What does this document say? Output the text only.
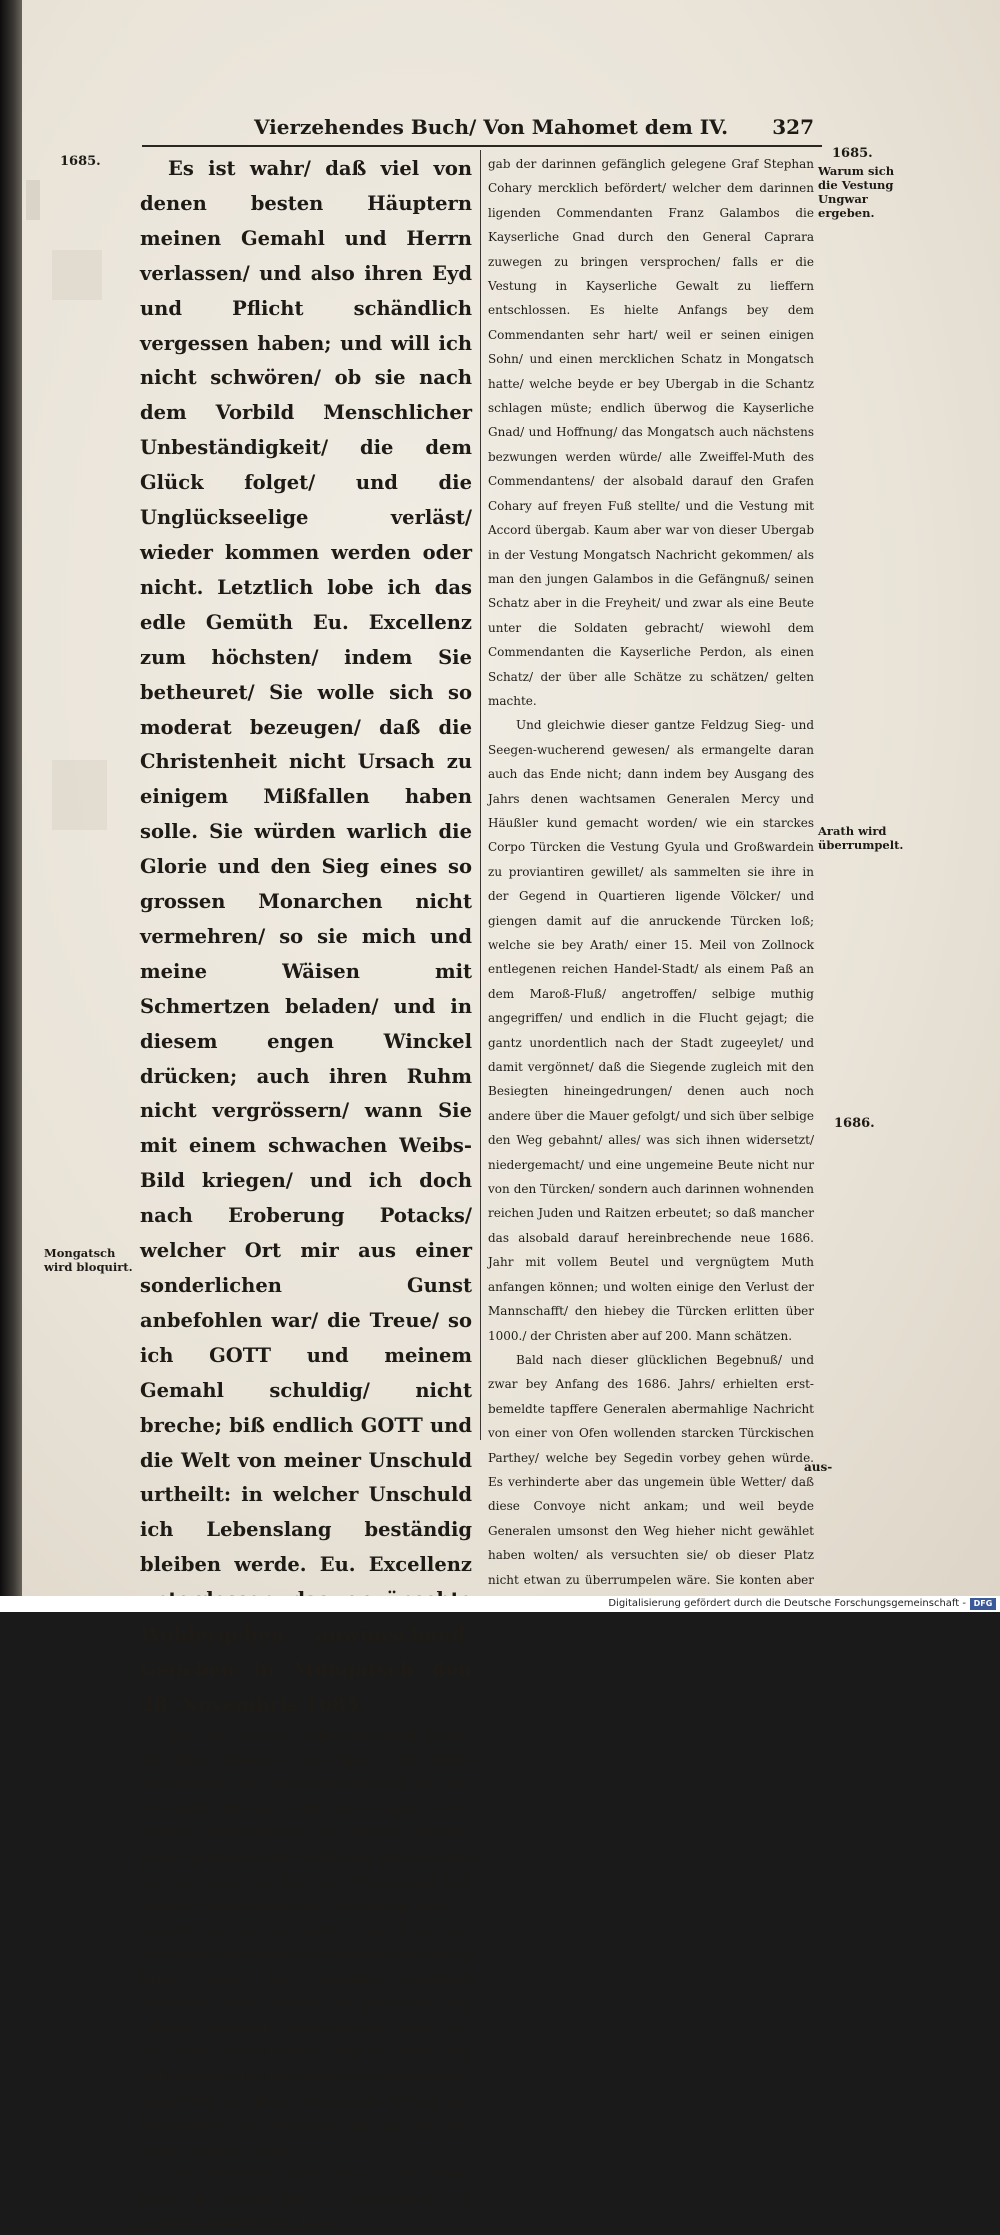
Vierzehendes Buch/ Von Mahomet dem IV. 327
1685.
1685.
Warum sich die Vestung Ungwar ergeben.
Arath wird überrumpelt.
1686.
Mongatsch wird bloquirt.

Es ist wahr/ daß viel von denen besten Häuptern meinen Gemahl und Herrn verlassen/ und also ihren Eyd und Pflicht schändlich vergessen haben; und will ich nicht schwören/ ob sie nach dem Vorbild Menschlicher Unbeständigkeit/ die dem Glück folget/ und die Unglückseelige verläst/ wieder kommen werden oder nicht. Letztlich lobe ich das edle Gemüth Eu. Excellenz zum höchsten/ indem Sie betheuret/ Sie wolle sich so moderat bezeugen/ daß die Christenheit nicht Ursach zu einigem Mißfallen haben solle. Sie würden warlich die Glorie und den Sieg eines so grossen Monarchen nicht vermehren/ so sie mich und meine Wäisen mit Schmertzen beladen/ und in diesem engen Winckel drücken; auch ihren Ruhm nicht vergrössern/ wann Sie mit einem schwachen Weibs-Bild kriegen/ und ich doch nach Eroberung Potacks/ welcher Ort mir aus einer sonderlichen Gunst anbefohlen war/ die Treue/ so ich GOTT und meinem Gemahl schuldig/ nicht breche; biß endlich GOTT und die Welt von meiner Unschuld urtheilt: in welcher Unschuld ich Lebenslang beständig bleiben werde. Eu. Excellenz Wohlergehen anwünschend. Gegeben in Mongatsch den 28. Novembris 1685.

Weil aber aus diesem Schreiben klärlich erhellte/ daß diese Amazonin noch nicht recht wegen Gerechtigkeit ihrer Sache benachrichtigt/ als ward am Kayserl. Hof/ allwohin der General Caprara dieses Schreiben übersendet/ vor nöthig erachtet/ durch das Feuer der Bomben ihr die Untreue ihres Gemahls recht zu beleuchten; und durch Bemeisterung ihres Irrwahns nach Bezwingung der Vestung recht zu belehren/ wie die wahrhaffte Unschuld von der gestellten zu entscheiden; und ob die ehliche Treu die Untreu gegen sein gekröntes Ober-Haupt rechtfertige. Ward demnach von dem General der Entschluß gefaßt/ den Winter hindurch dieses Nest recht fest einzuschliessen/ damit es sodann bey einbrechendem Frühling möchte mit rechtem Gewalt angegriffen/ und diese widerspenstige Vestung und Beherrscherin zum Gehorsam/ den sie Ihro Maj. schuldig/ geleitet werden.

Viel geschwinder gieng es mit der Vestung Ungwar her/ welche lang die Halßstarrigkeit nicht gezeiget/ und hatte deren Uber-

gab der darinnen gefänglich gelegene Graf Stephan Cohary mercklich befördert/ welcher dem darinnen ligenden Commendanten Franz Galambos die Kayserliche Gnad durch den General Caprara zuwegen zu bringen versprochen/ falls er die Vestung in Kayserliche Gewalt zu lieffern entschlossen. Es hielte Anfangs bey dem Commendanten sehr hart/ weil er seinen einigen Sohn/ und einen mercklichen Schatz in Mongatsch hatte/ welche beyde er bey Ubergab in die Schantz schlagen müste; endlich überwog die Kayserliche Gnad/ und Hoffnung/ das Mongatsch auch nächstens bezwungen werden würde/ alle Zweiffel-Muth des Commendantens/ der alsobald darauf den Grafen Cohary auf freyen Fuß stellte/ und die Vestung mit Accord übergab. Kaum aber war von dieser Ubergab in der Vestung Mongatsch Nachricht gekommen/ als man den jungen Galambos in die Gefängnuß/ seinen Schatz aber in die Freyheit/ und zwar als eine Beute unter die Soldaten gebracht/ wiewohl dem Commendanten die Kayserliche Perdon, als einen Schatz/ der über alle Schätze zu schätzen/ gelten machte.

Und gleichwie dieser gantze Feldzug Sieg- und Seegen-wucherend gewesen/ als ermangelte daran auch das Ende nicht; dann indem bey Ausgang des Jahrs denen wachtsamen Generalen Mercy und Häußler kund gemacht worden/ wie ein starckes Corpo Türcken die Vestung Gyula und Großwardein zu proviantiren gewillet/ als sammelten sie ihre in der Gegend in Quartieren ligende Völcker/ und giengen damit auf die anruckende Türcken loß; welche sie bey Arath/ einer 15. Meil von Zollnock entlegenen reichen Handel-Stadt/ als einem Paß an dem Maroß-Fluß/ angetroffen/ selbige muthig angegriffen/ und endlich in die Flucht gejagt; die gantz unordentlich nach der Stadt zugeeylet/ und damit vergönnet/ daß die Siegende zugleich mit den Besiegten hineingedrungen/ denen auch noch andere über die Mauer gefolgt/ und sich über selbige den Weg gebahnt/ alles/ was sich ihnen widersetzt/ niedergemacht/ und eine ungemeine Beute nicht nur von den Türcken/ sondern auch darinnen wohnenden reichen Juden und Raitzen erbeutet; so daß mancher das alsobald darauf hereinbrechende neue 1686. Jahr mit vollem Beutel und vergnügtem Muth anfangen können; und wolten einige den Verlust der Mannschafft/ den hiebey die Türcken erlitten über 1000./ der Christen aber auf 200. Mann schätzen.

Bald nach dieser glücklichen Begebnuß/ und zwar bey Anfang des 1686. Jahrs/ erhielten erst-bemeldte tapffere Generalen abermahlige Nachricht von einer von Ofen wollenden starcken Türckischen Parthey/ welche bey Segedin vorbey gehen würde. Es verhinderte aber das ungemein üble Wetter/ daß diese Convoye nicht ankam; und weil beyde Generalen umsonst den Weg hieher nicht gewählet haben wolten/ als versuchten sie/ ob dieser Platz nicht etwan zu überrumpelen wäre. Sie konten aber

aus-
Digitalisierung gefördert durch die Deutsche Forschungsgemeinschaft - DFG
